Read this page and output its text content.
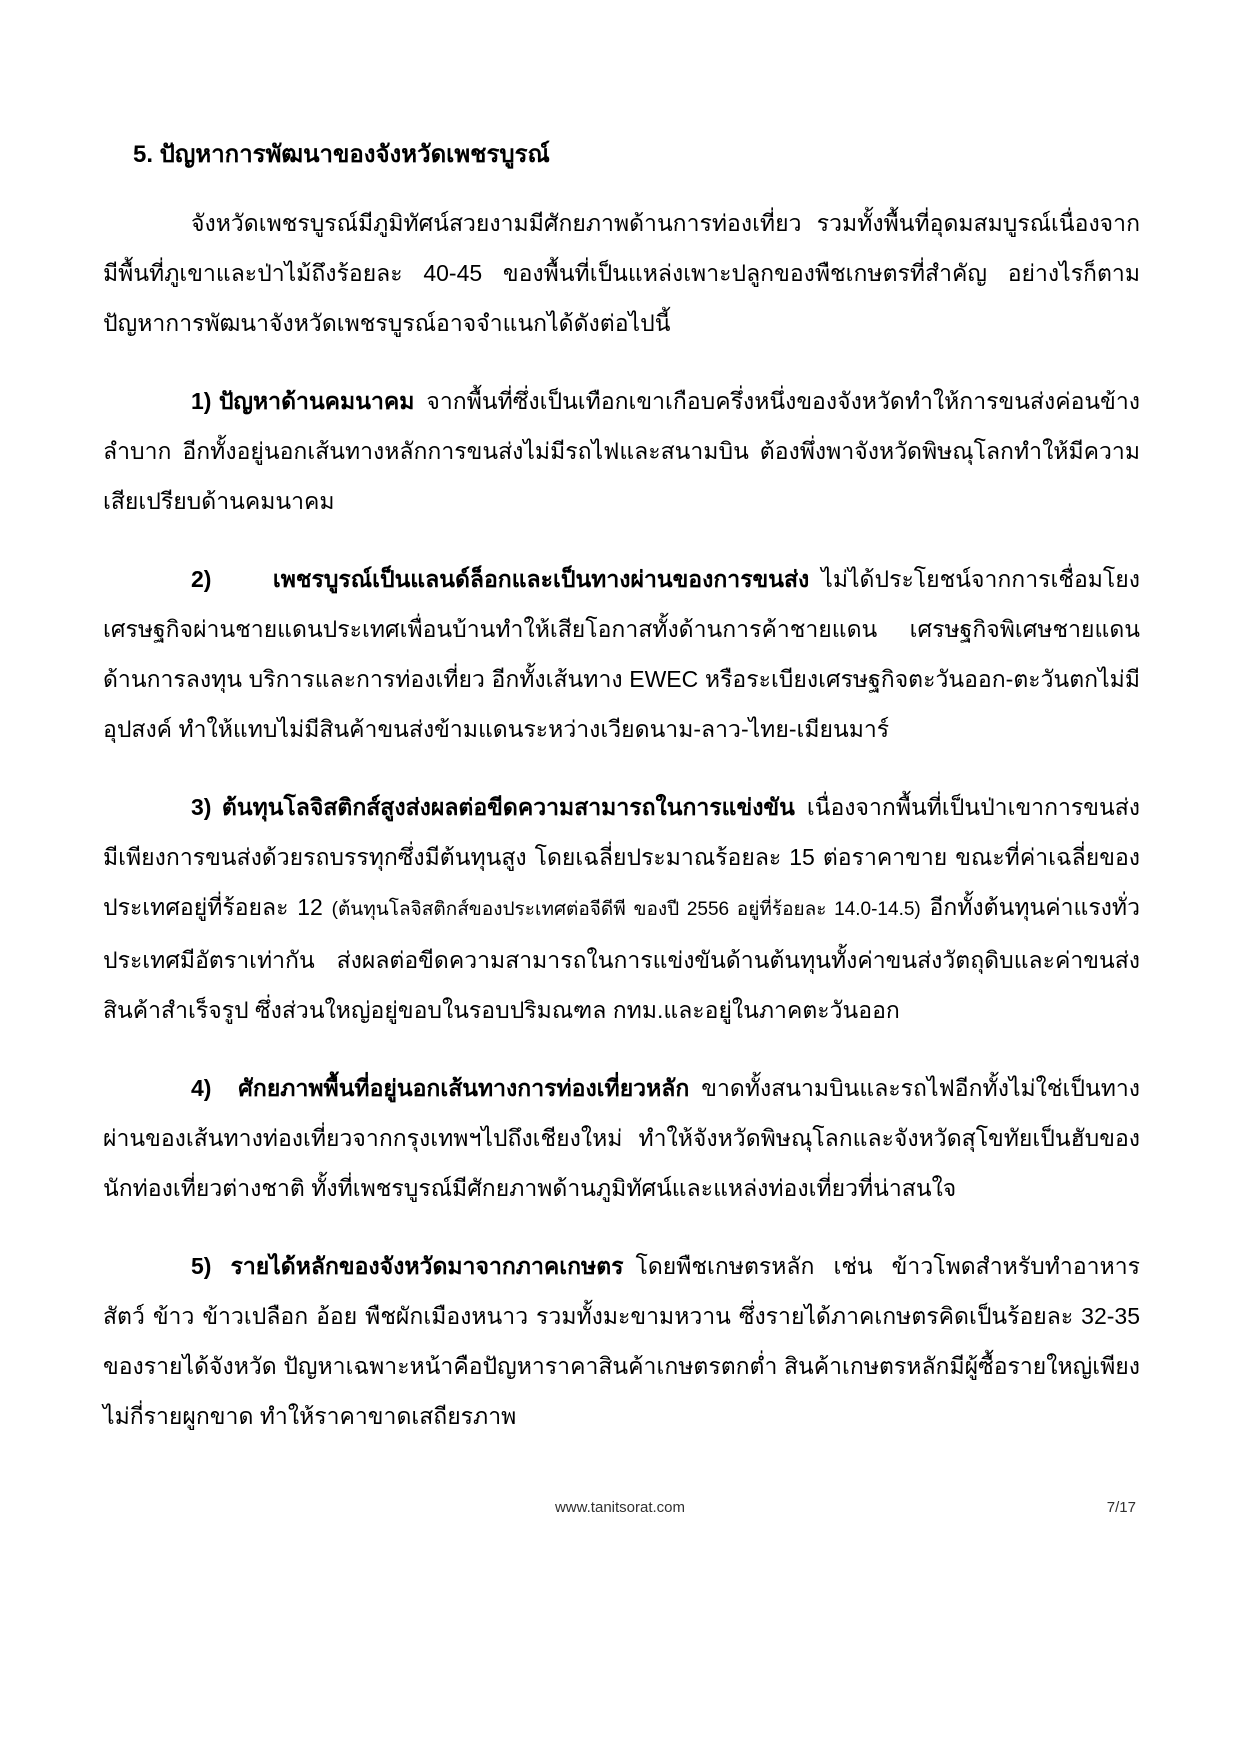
5. ปัญหาการพัฒนาของจังหวัดเพชรบูรณ์

จังหวัดเพชรบูรณ์มีภูมิทัศน์สวยงามมีศักยภาพด้านการท่องเที่ยว รวมทั้งพื้นที่อุดมสมบูรณ์เนื่องจากมีพื้นที่ภูเขาและป่าไม้ถึงร้อยละ 40-45 ของพื้นที่เป็นแหล่งเพาะปลูกของพืชเกษตรที่สำคัญ อย่างไรก็ตามปัญหาการพัฒนาจังหวัดเพชรบูรณ์อาจจำแนกได้ดังต่อไปนี้

1) ปัญหาด้านคมนาคม จากพื้นที่ซึ่งเป็นเทือกเขาเกือบครึ่งหนึ่งของจังหวัดทำให้การขนส่งค่อนข้างลำบาก อีกทั้งอยู่นอกเส้นทางหลักการขนส่งไม่มีรถไฟและสนามบิน ต้องพึ่งพาจังหวัดพิษณุโลกทำให้มีความเสียเปรียบด้านคมนาคม

2) เพชรบูรณ์เป็นแลนด์ล็อกและเป็นทางผ่านของการขนส่ง ไม่ได้ประโยชน์จากการเชื่อมโยงเศรษฐกิจผ่านชายแดนประเทศเพื่อนบ้านทำให้เสียโอกาสทั้งด้านการค้าชายแดน เศรษฐกิจพิเศษชายแดนด้านการลงทุน บริการและการท่องเที่ยว อีกทั้งเส้นทาง EWEC หรือระเบียงเศรษฐกิจตะวันออก-ตะวันตกไม่มีอุปสงค์ ทำให้แทบไม่มีสินค้าขนส่งข้ามแดนระหว่างเวียดนาม-ลาว-ไทย-เมียนมาร์

3) ต้นทุนโลจิสติกส์สูงส่งผลต่อขีดความสามารถในการแข่งขัน เนื่องจากพื้นที่เป็นป่าเขาการขนส่งมีเพียงการขนส่งด้วยรถบรรทุกซึ่งมีต้นทุนสูง โดยเฉลี่ยประมาณร้อยละ 15 ต่อราคาขาย ขณะที่ค่าเฉลี่ยของประเทศอยู่ที่ร้อยละ 12 (ต้นทุนโลจิสติกส์ของประเทศต่อจีดีพี ของปี 2556 อยู่ที่ร้อยละ 14.0-14.5) อีกทั้งต้นทุนค่าแรงทั่วประเทศมีอัตราเท่ากัน ส่งผลต่อขีดความสามารถในการแข่งขันด้านต้นทุนทั้งค่าขนส่งวัตถุดิบและค่าขนส่งสินค้าสำเร็จรูป ซึ่งส่วนใหญ่อยู่ขอบในรอบปริมณฑล กทม.และอยู่ในภาคตะวันออก

4) ศักยภาพพื้นที่อยู่นอกเส้นทางการท่องเที่ยวหลัก ขาดทั้งสนามบินและรถไฟอีกทั้งไม่ใช่เป็นทางผ่านของเส้นทางท่องเที่ยวจากกรุงเทพฯไปถึงเชียงใหม่ ทำให้จังหวัดพิษณุโลกและจังหวัดสุโขทัยเป็นฮับของนักท่องเที่ยวต่างชาติ ทั้งที่เพชรบูรณ์มีศักยภาพด้านภูมิทัศน์และแหล่งท่องเที่ยวที่น่าสนใจ

5) รายได้หลักของจังหวัดมาจากภาคเกษตร โดยพืชเกษตรหลัก เช่น ข้าวโพดสำหรับทำอาหารสัตว์ ข้าว ข้าวเปลือก อ้อย พืชผักเมืองหนาว รวมทั้งมะขามหวาน ซึ่งรายได้ภาคเกษตรคิดเป็นร้อยละ 32-35 ของรายได้จังหวัด ปัญหาเฉพาะหน้าคือปัญหาราคาสินค้าเกษตรตกต่ำ สินค้าเกษตรหลักมีผู้ซื้อรายใหญ่เพียงไม่กี่รายผูกขาด ทำให้ราคาขาดเสถียรภาพ

www.tanitsorat.com	7/17
